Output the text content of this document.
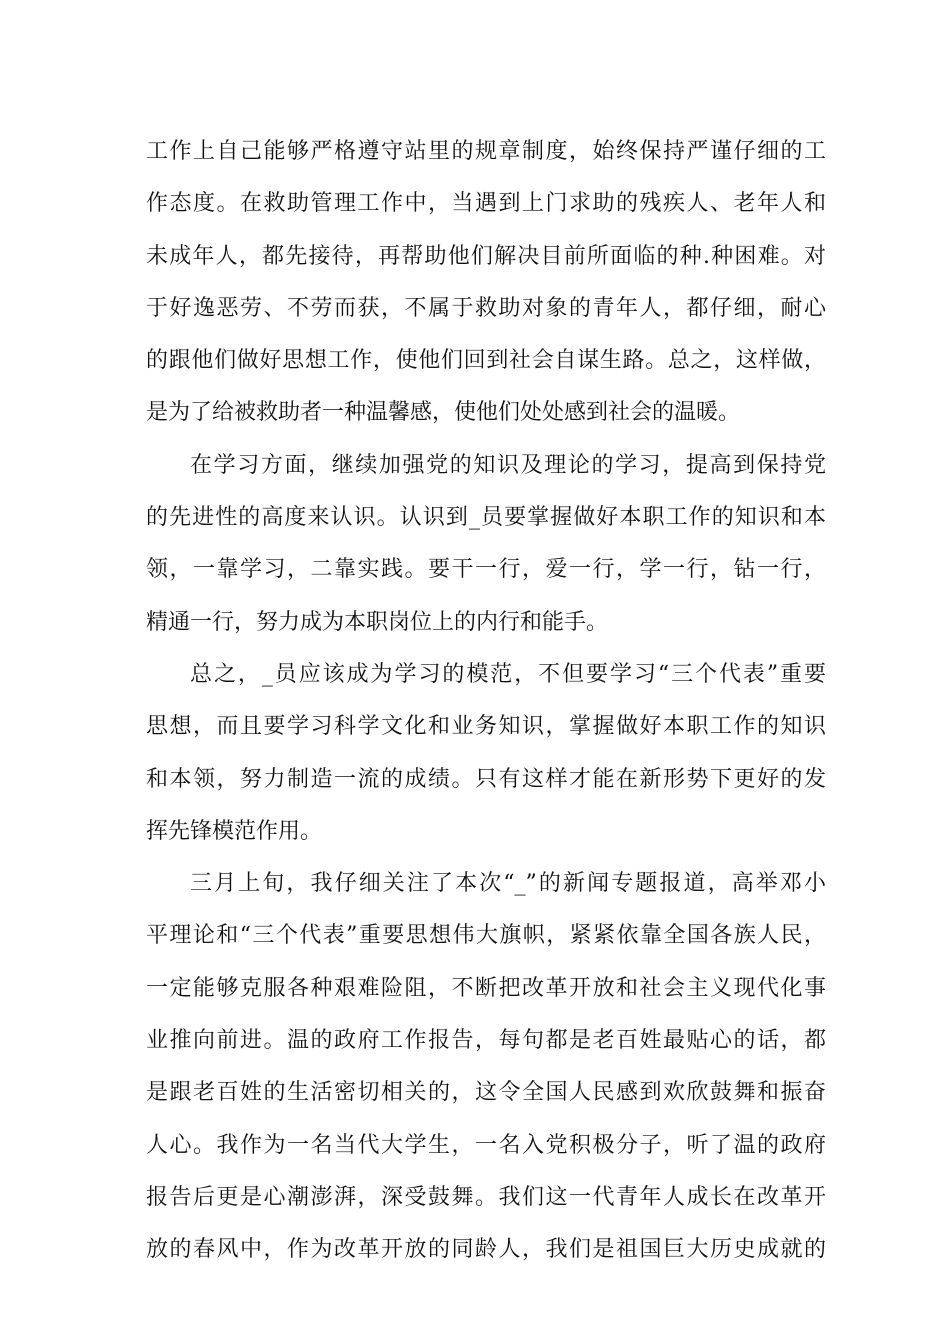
工作上自己能够严格遵守站里的规章制度，始终保持严谨仔细的工
作态度。在救助管理工作中，当遇到上门求助的残疾人、老年人和
未成年人，都先接待，再帮助他们解决目前所面临的种.种困难。对
于好逸恶劳、不劳而获，不属于救助对象的青年人，都仔细，耐心
的跟他们做好思想工作，使他们回到社会自谋生路。总之，这样做，
是为了给被救助者一种温馨感，使他们处处感到社会的温暖。
在学习方面，继续加强党的知识及理论的学习，提高到保持党
的先进性的高度来认识。认识到_员要掌握做好本职工作的知识和本
领，一靠学习，二靠实践。要干一行，爱一行，学一行，钻一行，
精通一行，努力成为本职岗位上的内行和能手。
总之，_员应该成为学习的模范，不但要学习“三个代表”重要
思想，而且要学习科学文化和业务知识，掌握做好本职工作的知识
和本领，努力制造一流的成绩。只有这样才能在新形势下更好的发
挥先锋模范作用。
三月上旬，我仔细关注了本次“_”的新闻专题报道，高举邓小
平理论和“三个代表”重要思想伟大旗帜，紧紧依靠全国各族人民，
一定能够克服各种艰难险阻，不断把改革开放和社会主义现代化事
业推向前进。温的政府工作报告，每句都是老百姓最贴心的话，都
是跟老百姓的生活密切相关的，这令全国人民感到欢欣鼓舞和振奋
人心。我作为一名当代大学生，一名入党积极分子，听了温的政府
报告后更是心潮澎湃，深受鼓舞。我们这一代青年人成长在改革开
放的春风中，作为改革开放的同龄人，我们是祖国巨大历史成就的
